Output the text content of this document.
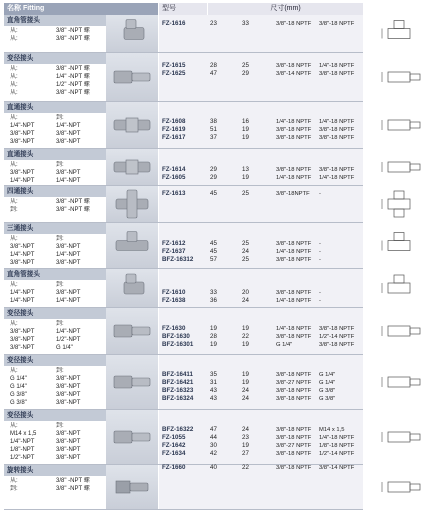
名称 Fitting	型号	尺寸(mm)
直角管接头
从:	3/8" -NPT 螺
从:	3/8" -NPT 螺
FZ-1616	23	33	3/8"-18 NPTF 3/8"-18 NPTF
变径接头
从:	3/8" -NPT 螺
从:	1/4" -NPT 螺
从:	1/2" -NPT 螺
从:	3/8" -NPT 螺
FZ-1615	28	25	3/8"-18 NPTF 1/4"-18 NPTF
FZ-1625	47	29	3/8"-14 NPTF 3/8"-18 NPTF
直通接头
从:	到:
1/4"-NPT	1/4"-NPT
3/8"-NPT	3/8"-NPT
3/8"-NPT	3/8"-NPT
FZ-1608	38	16	1/4"-18 NPTF 1/4"-18 NPTF
FZ-1619	51	19	3/8"-18 NPTF 3/8"-18 NPTF
FZ-1617	37	19	3/8"-18 NPTF 3/8"-18 NPTF
直通接头
从:	到:
3/8"-NPT	3/8"-NPT
1/4"-NPT	1/4"-NPT
FZ-1614	29	13	3/8"-18 NPTF 3/8"-18 NPTF
FZ-1605	29	19	1/4"-18 NPTF 1/4"-18 NPTF
四通接头
从:	3/8" -NPT 螺
到:	3/8" -NPT 螺
FZ-1613	45	25	3/8"-18NPTF -
三通接头
从:	到:
3/8"-NPT	3/8"-NPT
1/4"-NPT	1/4"-NPT
3/8"-NPT	3/8"-NPT
FZ-1612	45	25	3/8"-18 NPTF -
FZ-1637	45	24	1/4"-18 NPTF -
BFZ-16312	57	25	3/8"-18 NPTF -
直角管接头
从:	到:
1/4"-NPT	3/8"-NPT
1/4"-NPT	1/4"-NPT
FZ-1610	33	20	3/8"-18 NPTF -
FZ-1638	36	24	1/4"-18 NPTF -
变径接头
从:	到:
3/8"-NPT	1/4"-NPT
3/8"-NPT	1/2"-NPT
3/8"-NPT	G 1/4"
FZ-1630	19	19	1/4"-18 NPTF 3/8"-18 NPTF
BFZ-1630	28	22	3/8"-18 NPTF 1/2"-14 NPTF
BFZ-16301	19	19	G 1/4"	3/8"-18 NPTF
变径接头
从:	到:
G 1/4"	3/8"-NPT
G 1/4"	3/8"-NPT
G 3/8"	3/8"-NPT
G 3/8"	3/8"-NPT
BFZ-16411	35	19	3/8"-18 NPTF G 1/4"
BFZ-16421	31	19	3/8"-27 NPTF G 1/4"
BFZ-16323	43	24	3/8"-18 NPTF G 3/8"
BFZ-16324	43	24	3/8"-18 NPTF G 3/8"
变径接头
从:	到:
M14 x 1,5	3/8"-NPT
1/4"-NPT	3/8"-NPT
1/8"-NPT	3/8"-NPT
1/2"-NPT	3/8"-NPT
BFZ-16322	47	24	3/8"-18 NPTF M14 x 1,5
FZ-1055	44	23	3/8"-18 NPTF 1/4"-18 NPTF
FZ-1642	30	19	3/8"-27 NPTF 1/8"-18 NPTF
FZ-1634	42	27	3/8"-18 NPTF 1/2"-14 NPTF
旋转接头
从:	3/8" -NPT 螺
到:	3/8" -NPT 螺
FZ-1660	40	22	3/8"-18 NPTF 3/8"-14 NPTF
